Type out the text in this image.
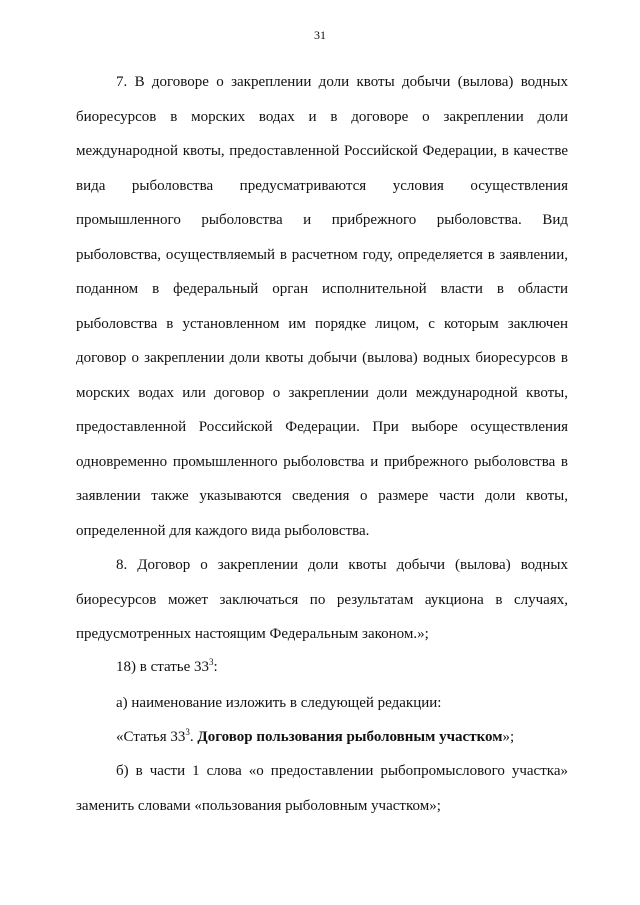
31

7. В договоре о закреплении доли квоты добычи (вылова) водных биоресурсов в морских водах и в договоре о закреплении доли международной квоты, предоставленной Российской Федерации, в качестве вида рыболовства предусматриваются условия осуществления промышленного рыболовства и прибрежного рыболовства. Вид рыболовства, осуществляемый в расчетном году, определяется в заявлении, поданном в федеральный орган исполнительной власти в области рыболовства в установленном им порядке лицом, с которым заключен договор о закреплении доли квоты добычи (вылова) водных биоресурсов в морских водах или договор о закреплении доли международной квоты, предоставленной Российской Федерации. При выборе осуществления одновременно промышленного рыболовства и прибрежного рыболовства в заявлении также указываются сведения о размере части доли квоты, определенной для каждого вида рыболовства.

8. Договор о закреплении доли квоты добычи (вылова) водных биоресурсов может заключаться по результатам аукциона в случаях, предусмотренных настоящим Федеральным законом.»;

18) в статье $33^3$:

а) наименование изложить в следующей редакции:

«Статья $33^3$. Договор пользования рыболовным участком»;

б) в части 1 слова «о предоставлении рыбопромыслового участка» заменить словами «пользования рыболовным участком»;
